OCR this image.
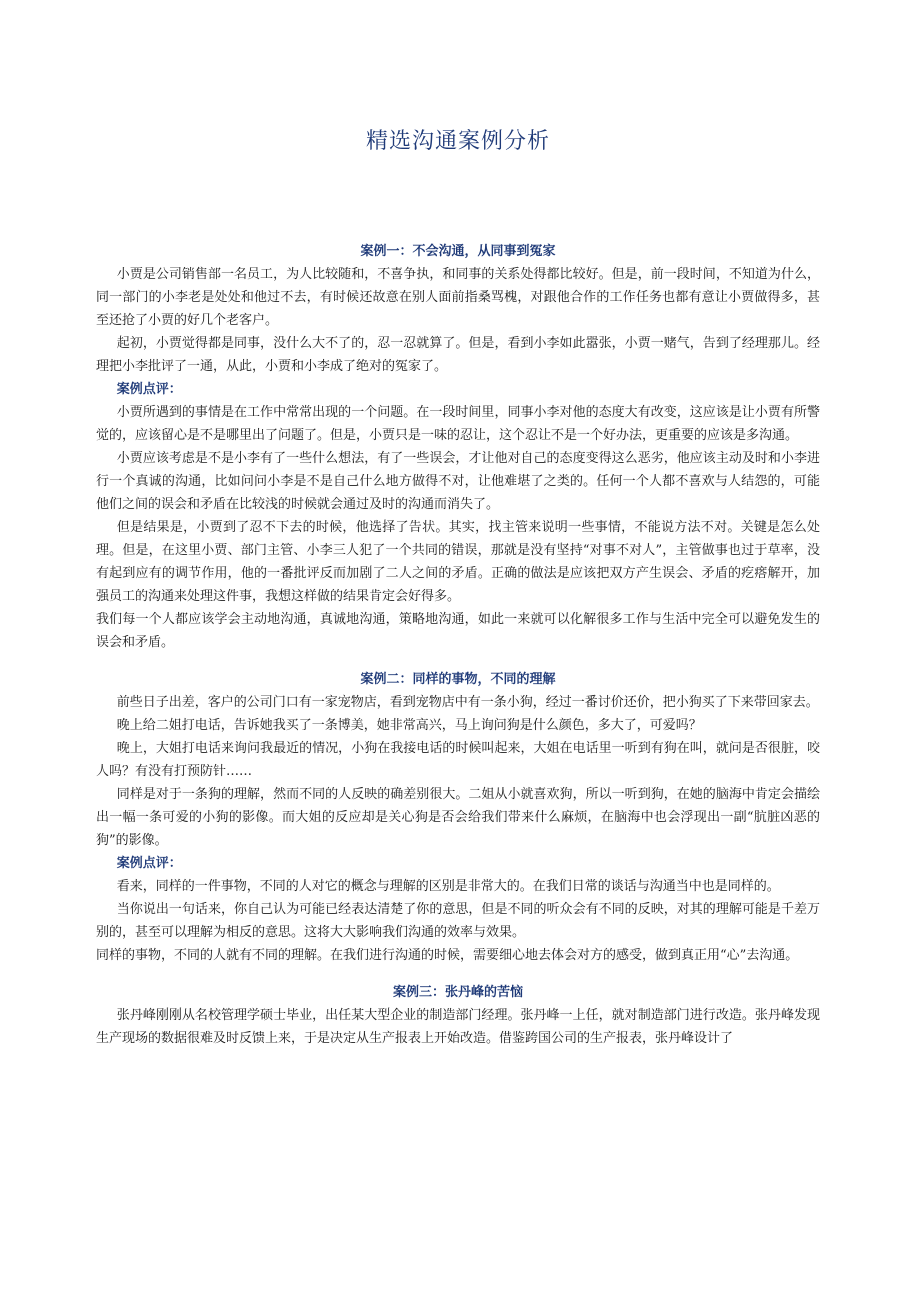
精选沟通案例分析

案例一：不会沟通，从同事到冤家

小贾是公司销售部一名员工，为人比较随和，不喜争执，和同事的关系处得都比较好。但是，前一段时间，不知道为什么，同一部门的小李老是处处和他过不去，有时候还故意在别人面前指桑骂槐，对跟他合作的工作任务也都有意让小贾做得多，甚至还抢了小贾的好几个老客户。

起初，小贾觉得都是同事，没什么大不了的，忍一忍就算了。但是，看到小李如此嚣张，小贾一赌气，告到了经理那儿。经理把小李批评了一通，从此，小贾和小李成了绝对的冤家了。

案例点评：

小贾所遇到的事情是在工作中常常出现的一个问题。在一段时间里，同事小李对他的态度大有改变，这应该是让小贾有所警觉的，应该留心是不是哪里出了问题了。但是，小贾只是一味的忍让，这个忍让不是一个好办法，更重要的应该是多沟通。

小贾应该考虑是不是小李有了一些什么想法，有了一些误会，才让他对自己的态度变得这么恶劣，他应该主动及时和小李进行一个真诚的沟通，比如问问小李是不是自己什么地方做得不对，让他难堪了之类的。任何一个人都不喜欢与人结怨的，可能他们之间的误会和矛盾在比较浅的时候就会通过及时的沟通而消失了。

但是结果是，小贾到了忍不下去的时候，他选择了告状。其实，找主管来说明一些事情，不能说方法不对。关键是怎么处理。但是，在这里小贾、部门主管、小李三人犯了一个共同的错误，那就是没有坚持“对事不对人”，主管做事也过于草率，没有起到应有的调节作用，他的一番批评反而加剧了二人之间的矛盾。正确的做法是应该把双方产生误会、矛盾的疙瘩解开，加强员工的沟通来处理这件事，我想这样做的结果肯定会好得多。

我们每一个人都应该学会主动地沟通，真诚地沟通，策略地沟通，如此一来就可以化解很多工作与生活中完全可以避免发生的误会和矛盾。

案例二：同样的事物，不同的理解

前些日子出差，客户的公司门口有一家宠物店，看到宠物店中有一条小狗，经过一番讨价还价，把小狗买了下来带回家去。

晚上给二姐打电话，告诉她我买了一条博美，她非常高兴，马上询问狗是什么颜色，多大了，可爱吗？

晚上，大姐打电话来询问我最近的情况，小狗在我接电话的时候叫起来，大姐在电话里一听到有狗在叫，就问是否很脏，咬人吗？有没有打预防针……

同样是对于一条狗的理解，然而不同的人反映的确差别很大。二姐从小就喜欢狗，所以一听到狗，在她的脑海中肯定会描绘出一幅一条可爱的小狗的影像。而大姐的反应却是关心狗是否会给我们带来什么麻烦，在脑海中也会浮现出一副“肮脏凶恶的狗”的影像。

案例点评：

看来，同样的一件事物，不同的人对它的概念与理解的区别是非常大的。在我们日常的谈话与沟通当中也是同样的。

当你说出一句话来，你自己认为可能已经表达清楚了你的意思，但是不同的听众会有不同的反映，对其的理解可能是千差万别的，甚至可以理解为相反的意思。这将大大影响我们沟通的效率与效果。

同样的事物，不同的人就有不同的理解。在我们进行沟通的时候，需要细心地去体会对方的感受，做到真正用“心”去沟通。

案例三：张丹峰的苦恼

张丹峰刚刚从名校管理学硕士毕业，出任某大型企业的制造部门经理。张丹峰一上任，就对制造部门进行改造。张丹峰发现生产现场的数据很难及时反馈上来，于是决定从生产报表上开始改造。借鉴跨国公司的生产报表，张丹峰设计了
